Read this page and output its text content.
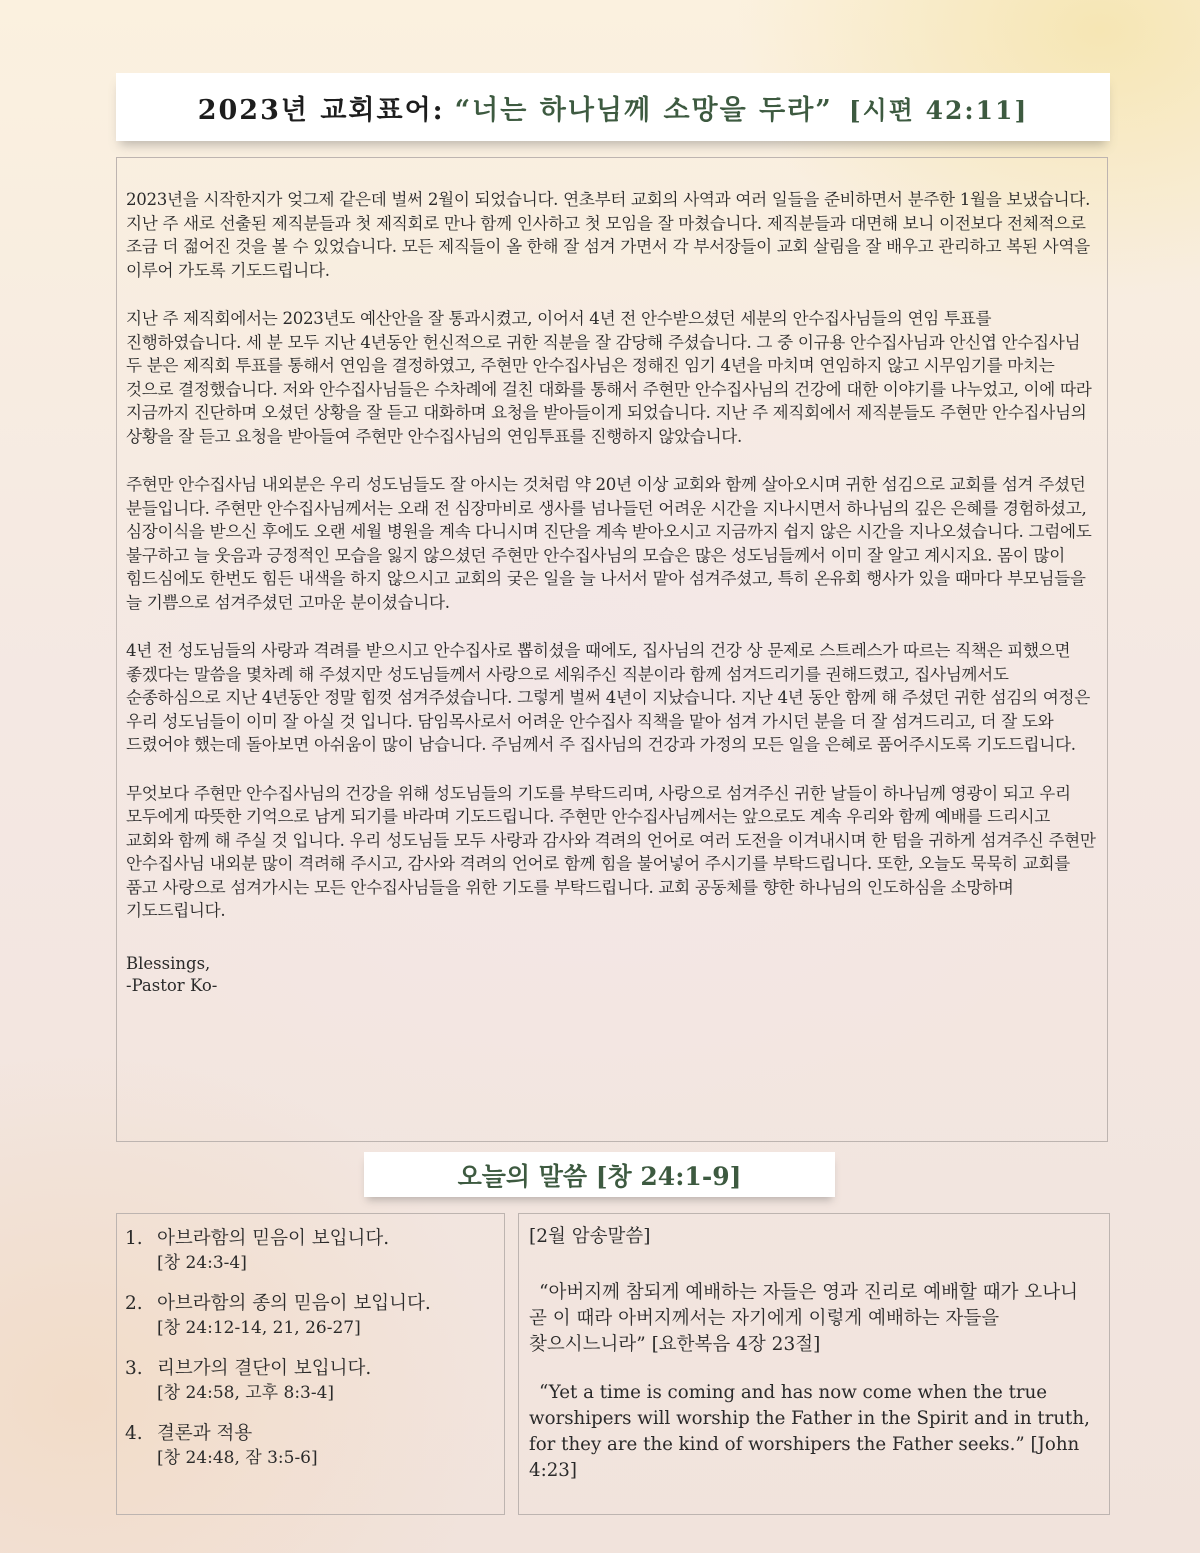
2023년 교회표어: “너는 하나님께 소망을 두라” [시편 42:11]

2023년을 시작한지가 엊그제 같은데 벌써 2월이 되었습니다. 연초부터 교회의 사역과 여러 일들을 준비하면서 분주한 1월을 보냈습니다. 지난 주 새로 선출된 제직분들과 첫 제직회로 만나 함께 인사하고 첫 모임을 잘 마쳤습니다. 제직분들과 대면해 보니 이전보다 전체적으로 조금 더 젊어진 것을 볼 수 있었습니다. 모든 제직들이 올 한해 잘 섬겨 가면서 각 부서장들이 교회 살림을 잘 배우고 관리하고 복된 사역을 이루어 가도록 기도드립니다.

지난 주 제직회에서는 2023년도 예산안을 잘 통과시켰고, 이어서 4년 전 안수받으셨던 세분의 안수집사님들의 연임 투표를 진행하였습니다. 세 분 모두 지난 4년동안 헌신적으로 귀한 직분을 잘 감당해 주셨습니다. 그 중 이규용 안수집사님과 안신엽 안수집사님 두 분은 제직회 투표를 통해서 연임을 결정하였고, 주현만 안수집사님은 정해진 임기 4년을 마치며 연임하지 않고 시무임기를 마치는 것으로 결정했습니다. 저와 안수집사님들은 수차례에 걸친 대화를 통해서 주현만 안수집사님의 건강에 대한 이야기를 나누었고, 이에 따라 지금까지 진단하며 오셨던 상황을 잘 듣고 대화하며 요청을 받아들이게 되었습니다. 지난 주 제직회에서 제직분들도 주현만 안수집사님의 상황을 잘 듣고 요청을 받아들여 주현만 안수집사님의 연임투표를 진행하지 않았습니다.

주현만 안수집사님 내외분은 우리 성도님들도 잘 아시는 것처럼 약 20년 이상 교회와 함께 살아오시며 귀한 섬김으로 교회를 섬겨 주셨던 분들입니다. 주현만 안수집사님께서는 오래 전 심장마비로 생사를 넘나들던 어려운 시간을 지나시면서 하나님의 깊은 은혜를 경험하셨고, 심장이식을 받으신 후에도 오랜 세월 병원을 계속 다니시며 진단을 계속 받아오시고 지금까지 쉽지 않은 시간을 지나오셨습니다. 그럼에도 불구하고 늘 웃음과 긍정적인 모습을 잃지 않으셨던 주현만 안수집사님의 모습은 많은 성도님들께서 이미 잘 알고 계시지요. 몸이 많이 힘드심에도 한번도 힘든 내색을 하지 않으시고 교회의 궂은 일을 늘 나서서 맡아 섬겨주셨고, 특히 온유회 행사가 있을 때마다 부모님들을 늘 기쁨으로 섬겨주셨던 고마운 분이셨습니다.

4년 전 성도님들의 사랑과 격려를 받으시고 안수집사로 뽑히셨을 때에도, 집사님의 건강 상 문제로 스트레스가 따르는 직책은 피했으면 좋겠다는 말씀을 몇차례 해 주셨지만 성도님들께서 사랑으로 세워주신 직분이라 함께 섬겨드리기를 권해드렸고, 집사님께서도 순종하심으로 지난 4년동안 정말 힘껏 섬겨주셨습니다. 그렇게 벌써 4년이 지났습니다. 지난 4년 동안 함께 해 주셨던 귀한 섬김의 여정은 우리 성도님들이 이미 잘 아실 것 입니다. 담임목사로서 어려운 안수집사 직책을 맡아 섬겨 가시던 분을 더 잘 섬겨드리고, 더 잘 도와 드렸어야 했는데 돌아보면 아쉬움이 많이 남습니다. 주님께서 주 집사님의 건강과 가정의 모든 일을 은혜로 품어주시도록 기도드립니다.

무엇보다 주현만 안수집사님의 건강을 위해 성도님들의 기도를 부탁드리며, 사랑으로 섬겨주신 귀한 날들이 하나님께 영광이 되고 우리 모두에게 따뜻한 기억으로 남게 되기를 바라며 기도드립니다. 주현만 안수집사님께서는 앞으로도 계속 우리와 함께 예배를 드리시고 교회와 함께 해 주실 것 입니다. 우리 성도님들 모두 사랑과 감사와 격려의 언어로 여러 도전을 이겨내시며 한 텀을 귀하게 섬겨주신 주현만 안수집사님 내외분 많이 격려해 주시고, 감사와 격려의 언어로 함께 힘을 불어넣어 주시기를 부탁드립니다. 또한, 오늘도 묵묵히 교회를 품고 사랑으로 섬겨가시는 모든 안수집사님들을 위한 기도를 부탁드립니다. 교회 공동체를 향한 하나님의 인도하심을 소망하며 기도드립니다.

Blessings,
-Pastor Ko-
오늘의 말씀 [창 24:1-9]
1. 아브라함의 믿음이 보입니다.
[창 24:3-4]
2. 아브라함의 종의 믿음이 보입니다.
[창 24:12-14, 21, 26-27]
3. 리브가의 결단이 보입니다.
[창 24:58, 고후 8:3-4]
4. 결론과 적용
[창 24:48, 잠 3:5-6]
[2월 암송말씀]

“아버지께 참되게 예배하는 자들은 영과 진리로 예배할 때가 오나니 곧 이 때라 아버지께서는 자기에게 이렇게 예배하는 자들을 찾으시느니라” [요한복음 4장 23절]

“Yet a time is coming and has now come when the true worshipers will worship the Father in the Spirit and in truth, for they are the kind of worshipers the Father seeks.” [John 4:23]
